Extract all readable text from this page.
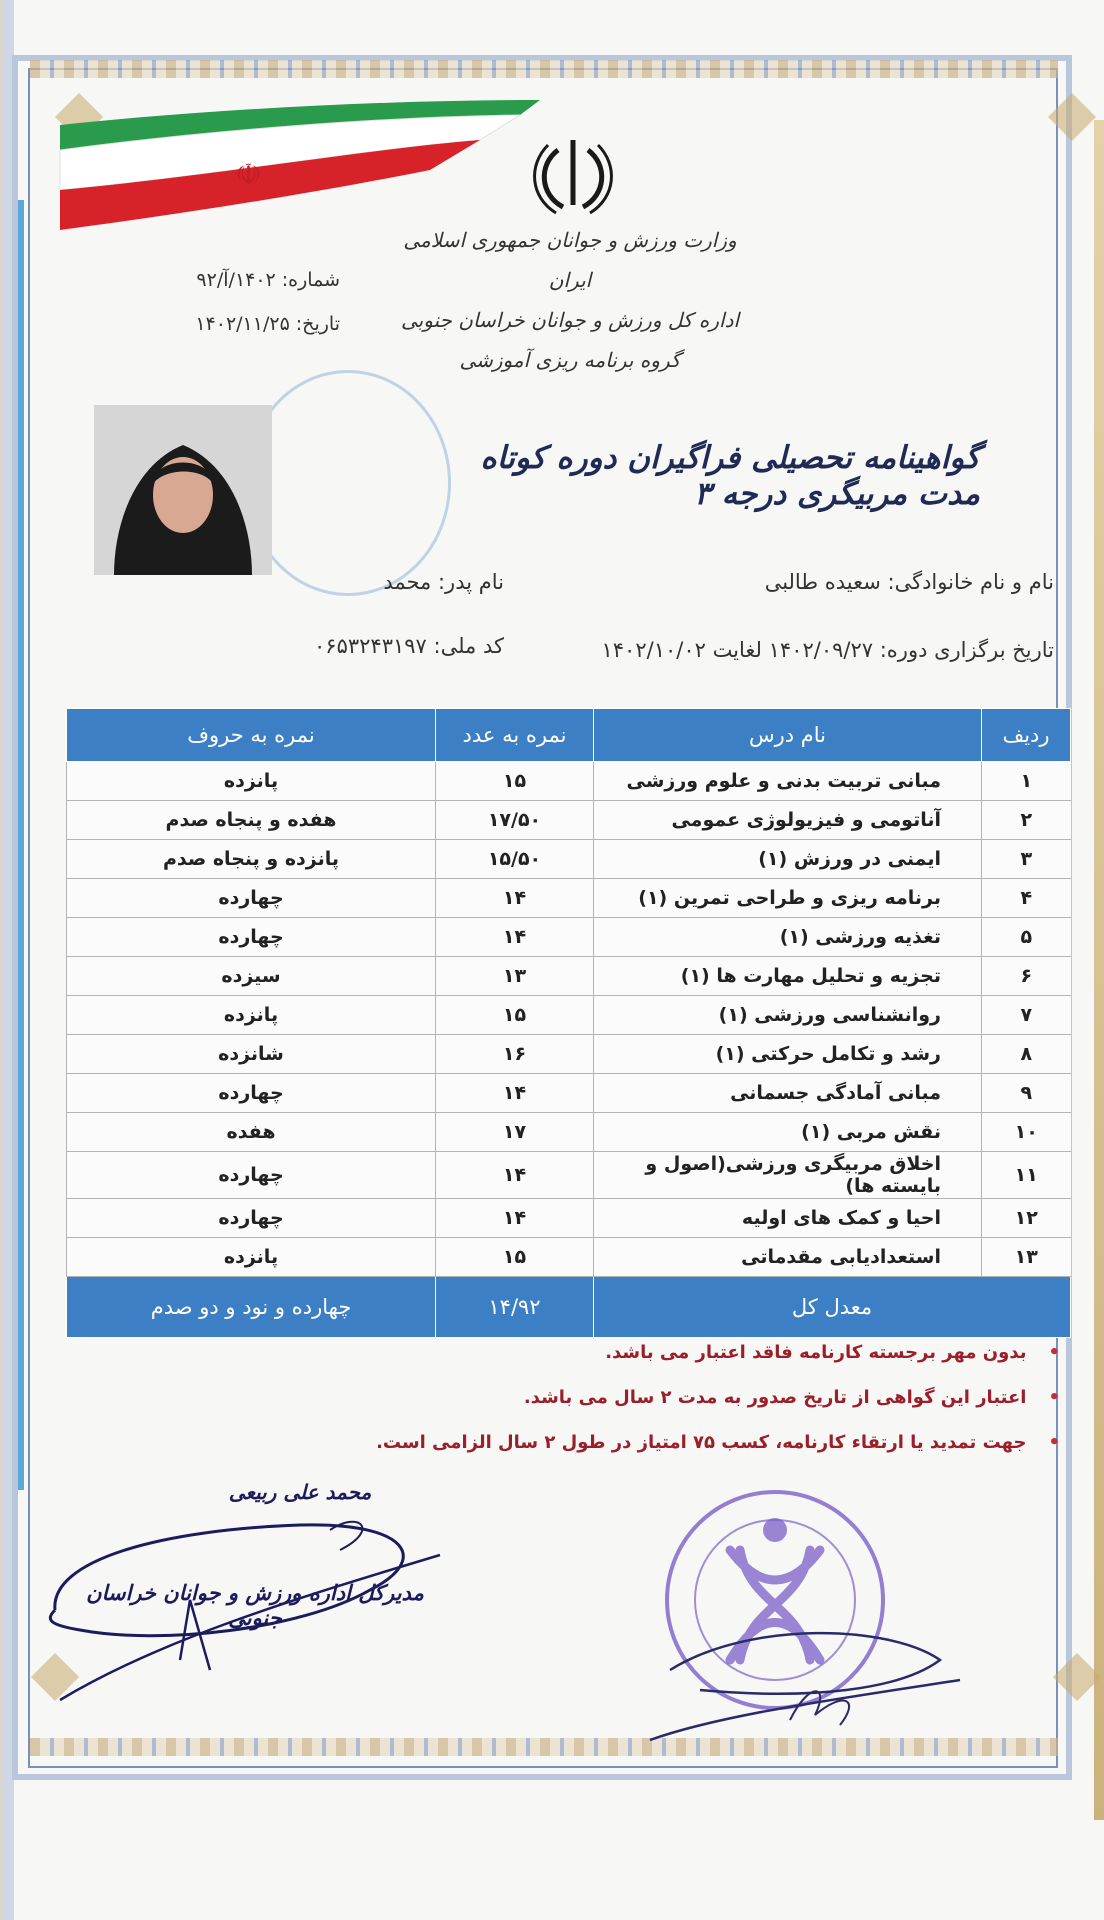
☫
وزارت ورزش و جوانان جمهوری اسلامی ایران
اداره کل ورزش و جوانان خراسان جنوبی
گروه برنامه ریزی آموزشی
شماره:۱۴۰۲/آ/۹۲
تاریخ:۱۴۰۲/۱۱/۲۵
گواهینامه تحصیلی فراگیران دوره کوتاه مدت مربیگری درجه ۳
نام و نام خانوادگی: سعیده طالبی
نام پدر: محمد
تاریخ برگزاری دوره: ۱۴۰۲/۰۹/۲۷ لغایت ۱۴۰۲/۱۰/۰۲
کد ملی: ۰۶۵۳۲۴۳۱۹۷
ردیف	نام درس	نمره به عدد	نمره به حروف
۱	مبانی تربیت بدنی و علوم ورزشی	۱۵	پانزده
۲	آناتومی و فیزیولوژی عمومی	۱۷/۵۰	هفده و پنجاه صدم
۳	ایمنی در ورزش (۱)	۱۵/۵۰	پانزده و پنجاه صدم
۴	برنامه ریزی و طراحی تمرین (۱)	۱۴	چهارده
۵	تغذیه ورزشی (۱)	۱۴	چهارده
۶	تجزیه و تحلیل مهارت ها (۱)	۱۳	سیزده
۷	روانشناسی ورزشی (۱)	۱۵	پانزده
۸	رشد و تکامل حرکتی (۱)	۱۶	شانزده
۹	مبانی آمادگی جسمانی	۱۴	چهارده
۱۰	نقش مربی (۱)	۱۷	هفده
۱۱	اخلاق مربیگری ورزشی(اصول و بایسته ها)	۱۴	چهارده
۱۲	احیا و کمک های اولیه	۱۴	چهارده
۱۳	استعدادیابی مقدماتی	۱۵	پانزده
معدل کل		۱۴/۹۲	چهارده و نود و دو صدم
•بدون مهر برجسته کارنامه فاقد اعتبار می باشد.
•اعتبار این گواهی از تاریخ صدور به مدت ۲ سال می باشد.
•جهت تمدید یا ارتقاء کارنامه، کسب ۷۵ امتیاز در طول ۲ سال الزامی است.
محمد علی ربیعی
مدیرکل اداره ورزش و جوانان خراسان جنوبی
